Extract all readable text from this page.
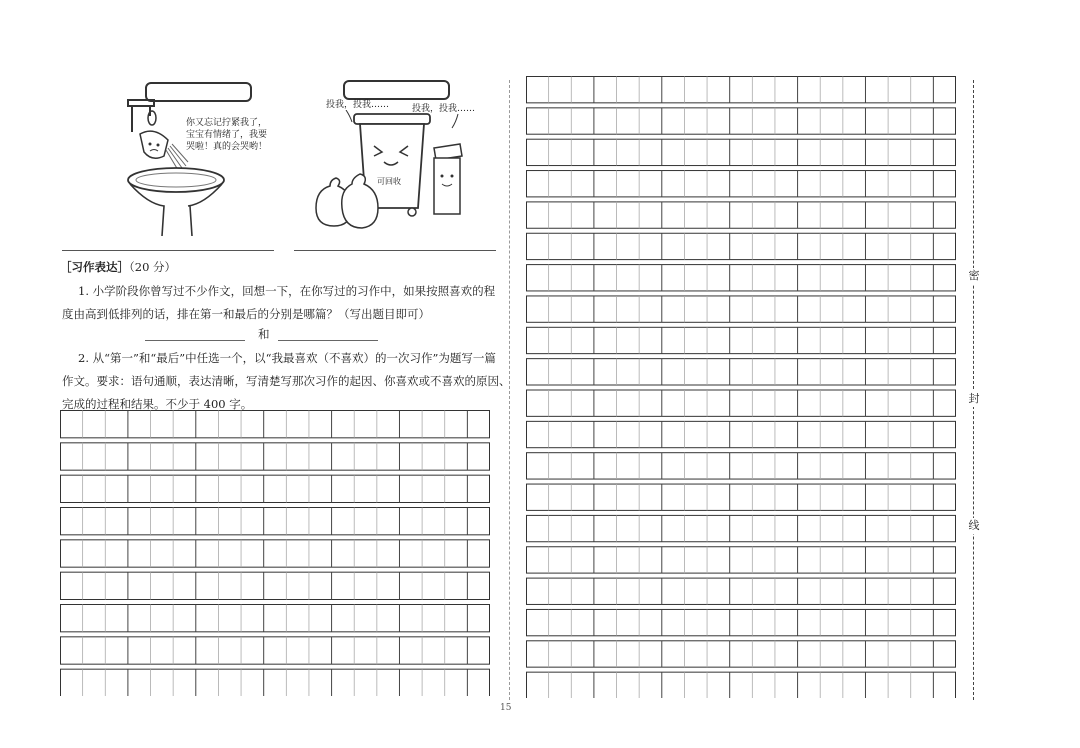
你又忘记拧紧我了，
宝宝有情绪了，我要
哭啦！真的会哭哟！
投我，投我……	投我，投我……
可回收
［习作表达］（20 分）
1. 小学阶段你曾写过不少作文，回想一下，在你写过的习作中，如果按照喜欢的程
度由高到低排列的话，排在第一和最后的分别是哪篇？（写出题目即可）
和
2. 从“第一”和“最后”中任选一个，以“我最喜欢（不喜欢）的一次习作”为题写一篇
作文。要求：语句通顺，表达清晰，写清楚写那次习作的起因、你喜欢或不喜欢的原因、
完成的过程和结果。不少于 400 字。
密
封
线
15
